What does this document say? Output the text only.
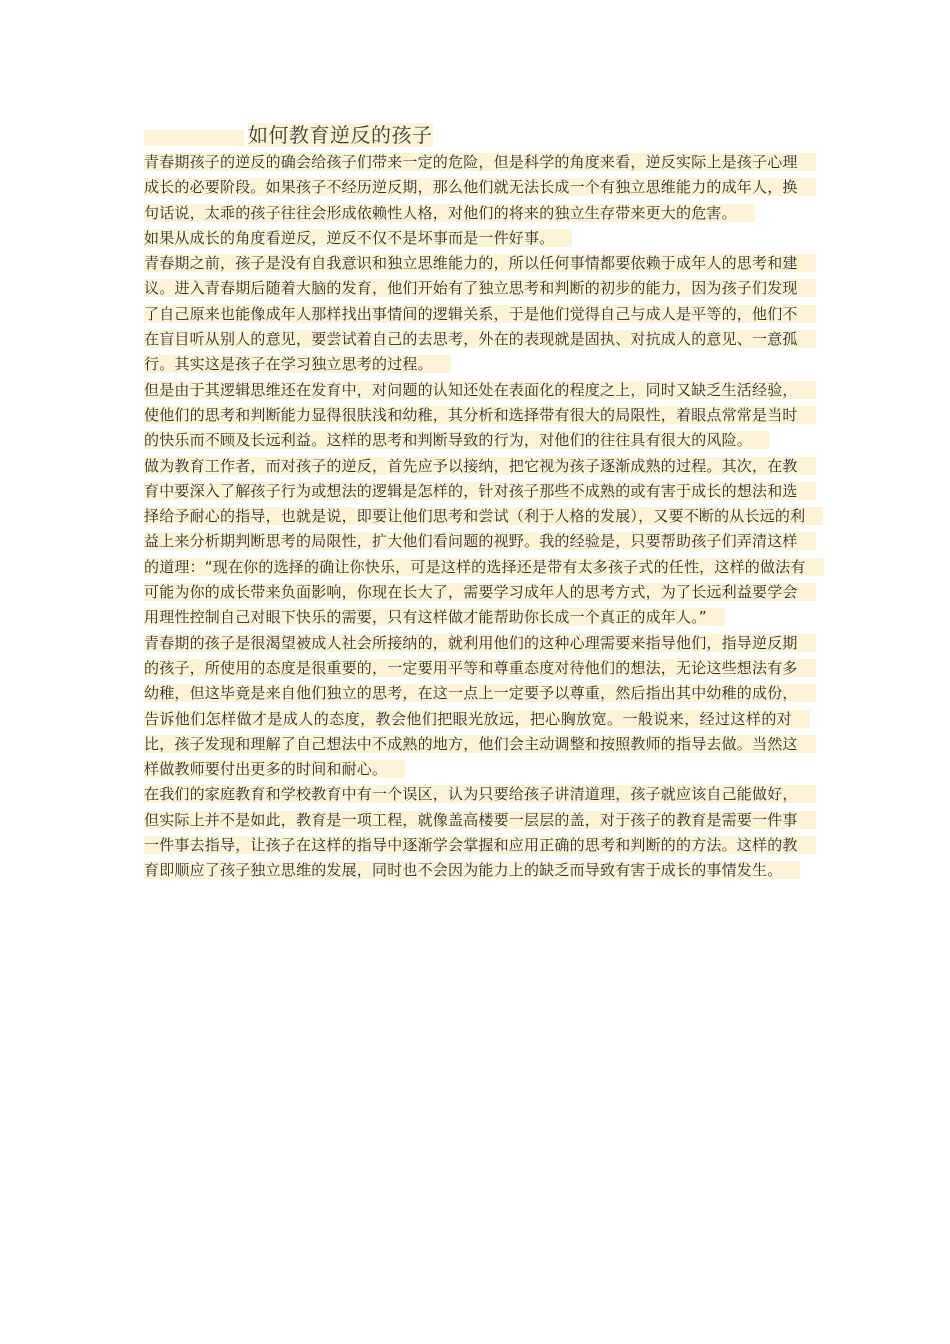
如何教育逆反的孩子

青春期孩子的逆反的确会给孩子们带来一定的危险，但是科学的角度来看，逆反实际上是孩子心理成长的必要阶段。如果孩子不经历逆反期，那么他们就无法长成一个有独立思维能力的成年人，换句话说，太乖的孩子往往会形成依赖性人格，对他们的将来的独立生存带来更大的危害。

如果从成长的角度看逆反，逆反不仅不是坏事而是一件好事。

青春期之前，孩子是没有自我意识和独立思维能力的，所以任何事情都要依赖于成年人的思考和建议。进入青春期后随着大脑的发育，他们开始有了独立思考和判断的初步的能力，因为孩子们发现了自己原来也能像成年人那样找出事情间的逻辑关系，于是他们觉得自己与成人是平等的，他们不在盲目听从别人的意见，要尝试着自己的去思考，外在的表现就是固执、对抗成人的意见、一意孤行。其实这是孩子在学习独立思考的过程。

但是由于其逻辑思维还在发育中，对问题的认知还处在表面化的程度之上，同时又缺乏生活经验，使他们的思考和判断能力显得很肤浅和幼稚，其分析和选择带有很大的局限性，着眼点常常是当时的快乐而不顾及长远利益。这样的思考和判断导致的行为，对他们的往往具有很大的风险。

做为教育工作者，而对孩子的逆反，首先应予以接纳，把它视为孩子逐渐成熟的过程。其次，在教育中要深入了解孩子行为或想法的逻辑是怎样的，针对孩子那些不成熟的或有害于成长的想法和选择给予耐心的指导，也就是说，即要让他们思考和尝试（利于人格的发展），又要不断的从长远的利益上来分析期判断思考的局限性，扩大他们看问题的视野。我的经验是，只要帮助孩子们弄清这样的道理：“现在你的选择的确让你快乐，可是这样的选择还是带有太多孩子式的任性，这样的做法有可能为你的成长带来负面影响，你现在长大了，需要学习成年人的思考方式，为了长远利益要学会用理性控制自己对眼下快乐的需要，只有这样做才能帮助你长成一个真正的成年人。”

青春期的孩子是很渴望被成人社会所接纳的，就利用他们的这种心理需要来指导他们，指导逆反期的孩子，所使用的态度是很重要的，一定要用平等和尊重态度对待他们的想法，无论这些想法有多幼稚，但这毕竟是来自他们独立的思考，在这一点上一定要予以尊重，然后指出其中幼稚的成份，告诉他们怎样做才是成人的态度，教会他们把眼光放远，把心胸放宽。一般说来，经过这样的对比，孩子发现和理解了自己想法中不成熟的地方，他们会主动调整和按照教师的指导去做。当然这样做教师要付出更多的时间和耐心。

在我们的家庭教育和学校教育中有一个误区，认为只要给孩子讲清道理，孩子就应该自己能做好，但实际上并不是如此，教育是一项工程，就像盖高楼要一层层的盖，对于孩子的教育是需要一件事一件事去指导，让孩子在这样的指导中逐渐学会掌握和应用正确的思考和判断的的方法。这样的教育即顺应了孩子独立思维的发展，同时也不会因为能力上的缺乏而导致有害于成长的事情发生。
